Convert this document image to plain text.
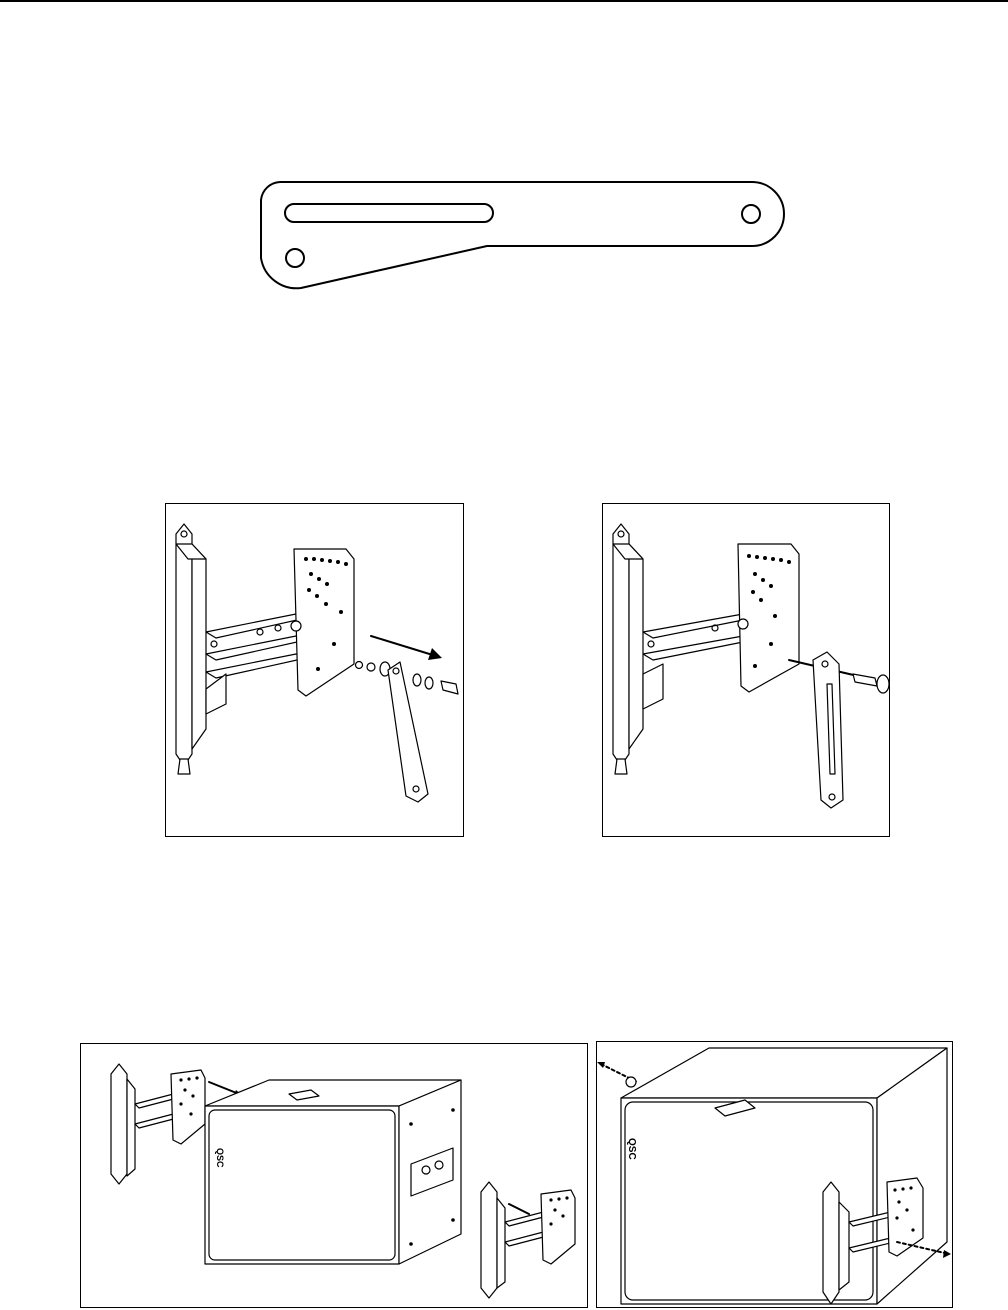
QSC	QSC
